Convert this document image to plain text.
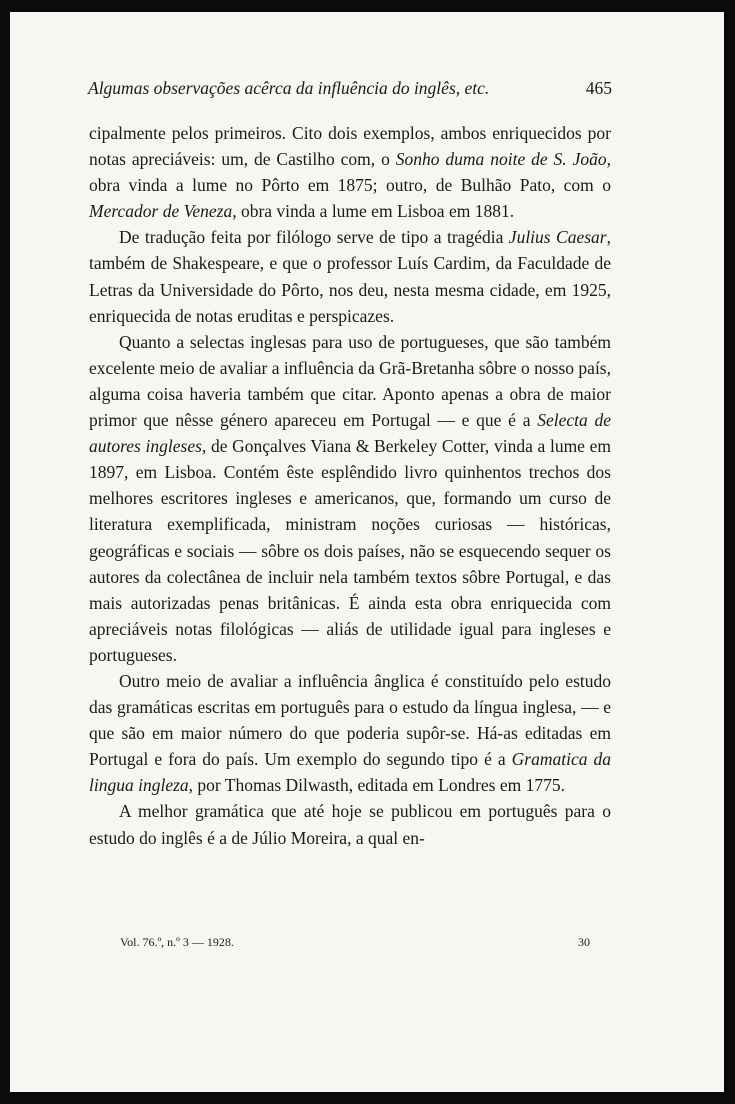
Algumas observações acêrca da influência do inglês, etc.	465

cipalmente pelos primeiros. Cito dois exemplos, ambos enriquecidos por notas apreciáveis: um, de Castilho com, o Sonho duma noite de S. João, obra vinda a lume no Pôrto em 1875; outro, de Bulhão Pato, com o Mercador de Veneza, obra vinda a lume em Lisboa em 1881.

De tradução feita por filólogo serve de tipo a tragédia Julius Caesar, também de Shakespeare, e que o professor Luís Cardim, da Faculdade de Letras da Universidade do Pôrto, nos deu, nesta mesma cidade, em 1925, enriquecida de notas eruditas e perspicazes.

Quanto a selectas inglesas para uso de portugueses, que são também excelente meio de avaliar a influência da Grã-Bretanha sôbre o nosso país, alguma coisa haveria também que citar. Aponto apenas a obra de maior primor que nêsse género apareceu em Portugal — e que é a Selecta de autores ingleses, de Gonçalves Viana & Berkeley Cotter, vinda a lume em 1897, em Lisboa. Contém êste esplêndido livro quinhentos trechos dos melhores escritores ingleses e americanos, que, formando um curso de literatura exemplificada, ministram noções curiosas — históricas, geográficas e sociais — sôbre os dois países, não se esquecendo sequer os autores da colectânea de incluir nela também textos sôbre Portugal, e das mais autorizadas penas britânicas. É ainda esta obra enriquecida com apreciáveis notas filológicas — aliás de utilidade igual para ingleses e portugueses.

Outro meio de avaliar a influência ânglica é constituído pelo estudo das gramáticas escritas em português para o estudo da língua inglesa, — e que são em maior número do que poderia supôr-se. Há-as editadas em Portugal e fora do país. Um exemplo do segundo tipo é a Gramatica da lingua ingleza, por Thomas Dilwasth, editada em Londres em 1775.

A melhor gramática que até hoje se publicou em português para o estudo do inglês é a de Júlio Moreira, a qual en-

Vol. 76.º, n.º 3 — 1928.	30
